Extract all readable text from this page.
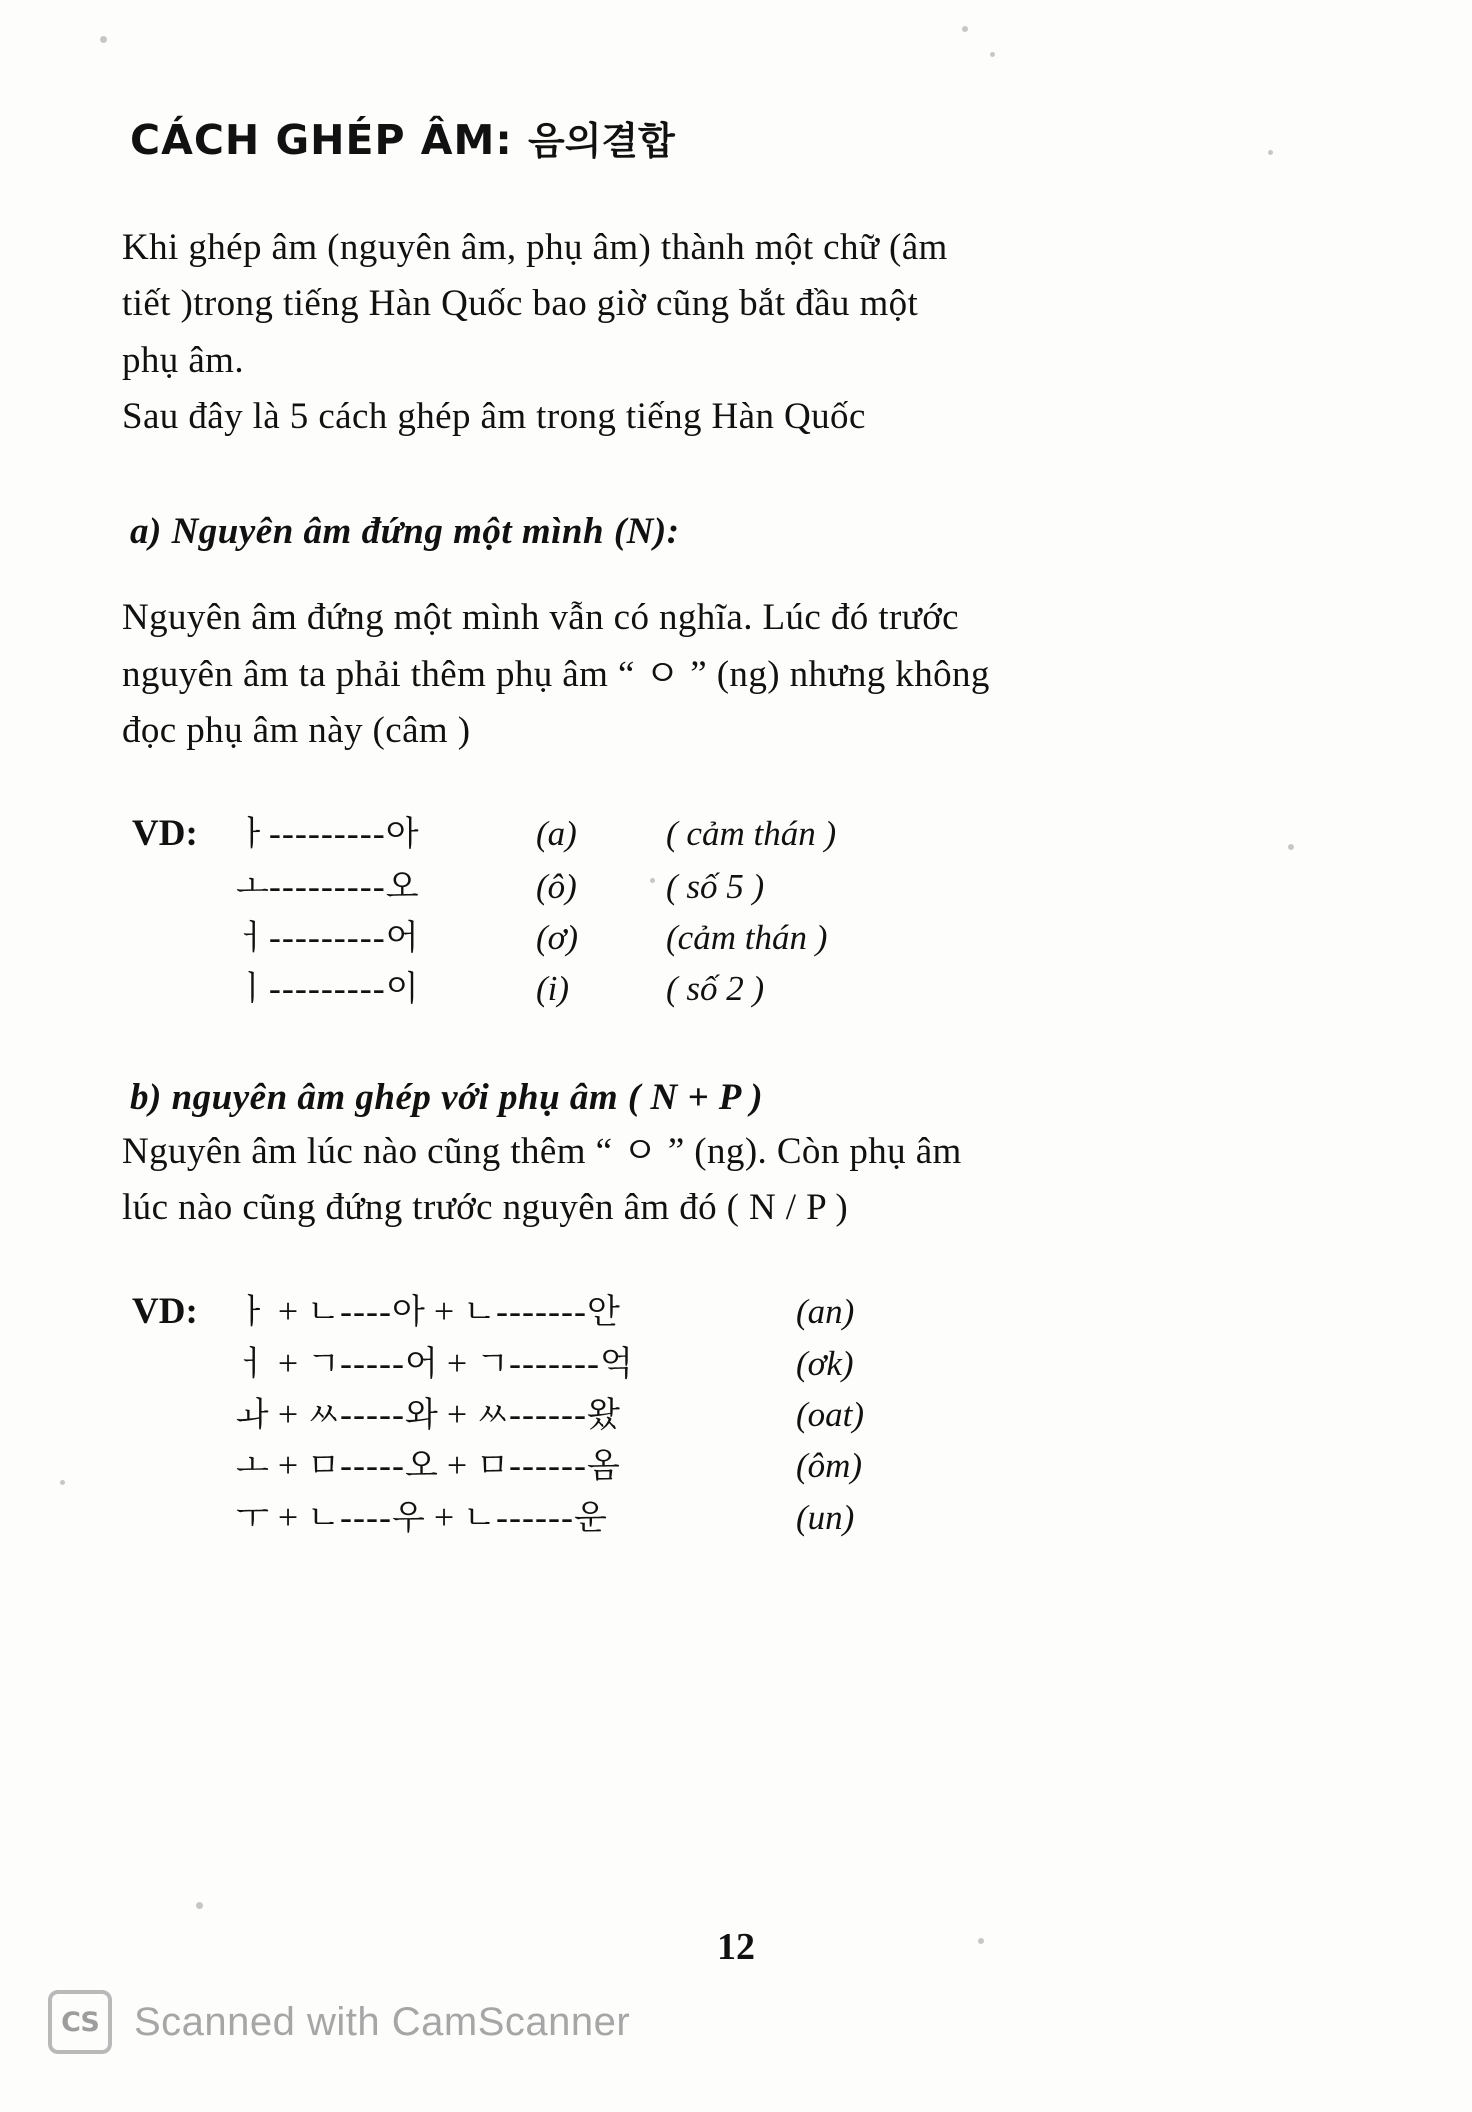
CÁCH GHÉP ÂM: 음의결합

Khi ghép âm (nguyên âm, phụ âm) thành một chữ (âm

tiết )trong tiếng Hàn Quốc bao giờ cũng bắt đầu một

phụ âm.

Sau đây là 5 cách ghép âm trong tiếng Hàn Quốc

a) Nguyên âm đứng một mình (N):

Nguyên âm đứng một mình vẫn có nghĩa. Lúc đó trước

nguyên âm ta phải thêm phụ âm “ ㅇ ” (ng) nhưng không

đọc phụ âm này (câm )

VD:	ㅏ---------아	(a)	( cảm thán )
ㅗ---------오	(ô)	( số 5 )
ㅓ---------어	(ơ)	(cảm thán )
ㅣ---------이	(i)	( số 2 )
b) nguyên âm ghép với phụ âm ( N + P )

Nguyên âm lúc nào cũng thêm “ ㅇ ” (ng). Còn phụ âm

lúc nào cũng đứng trước nguyên âm đó ( N / P )

VD:	ㅏ + ㄴ----아 + ㄴ-------안	(an)
ㅓ + ㄱ-----어 + ㄱ-------억	(ơk)
ㅘ + ㅆ-----와 + ㅆ------왔	(oat)
ㅗ + ㅁ-----오 + ㅁ------옴	(ôm)
ㅜ + ㄴ----우 + ㄴ------운	(un)
12
CS Scanned with CamScanner
